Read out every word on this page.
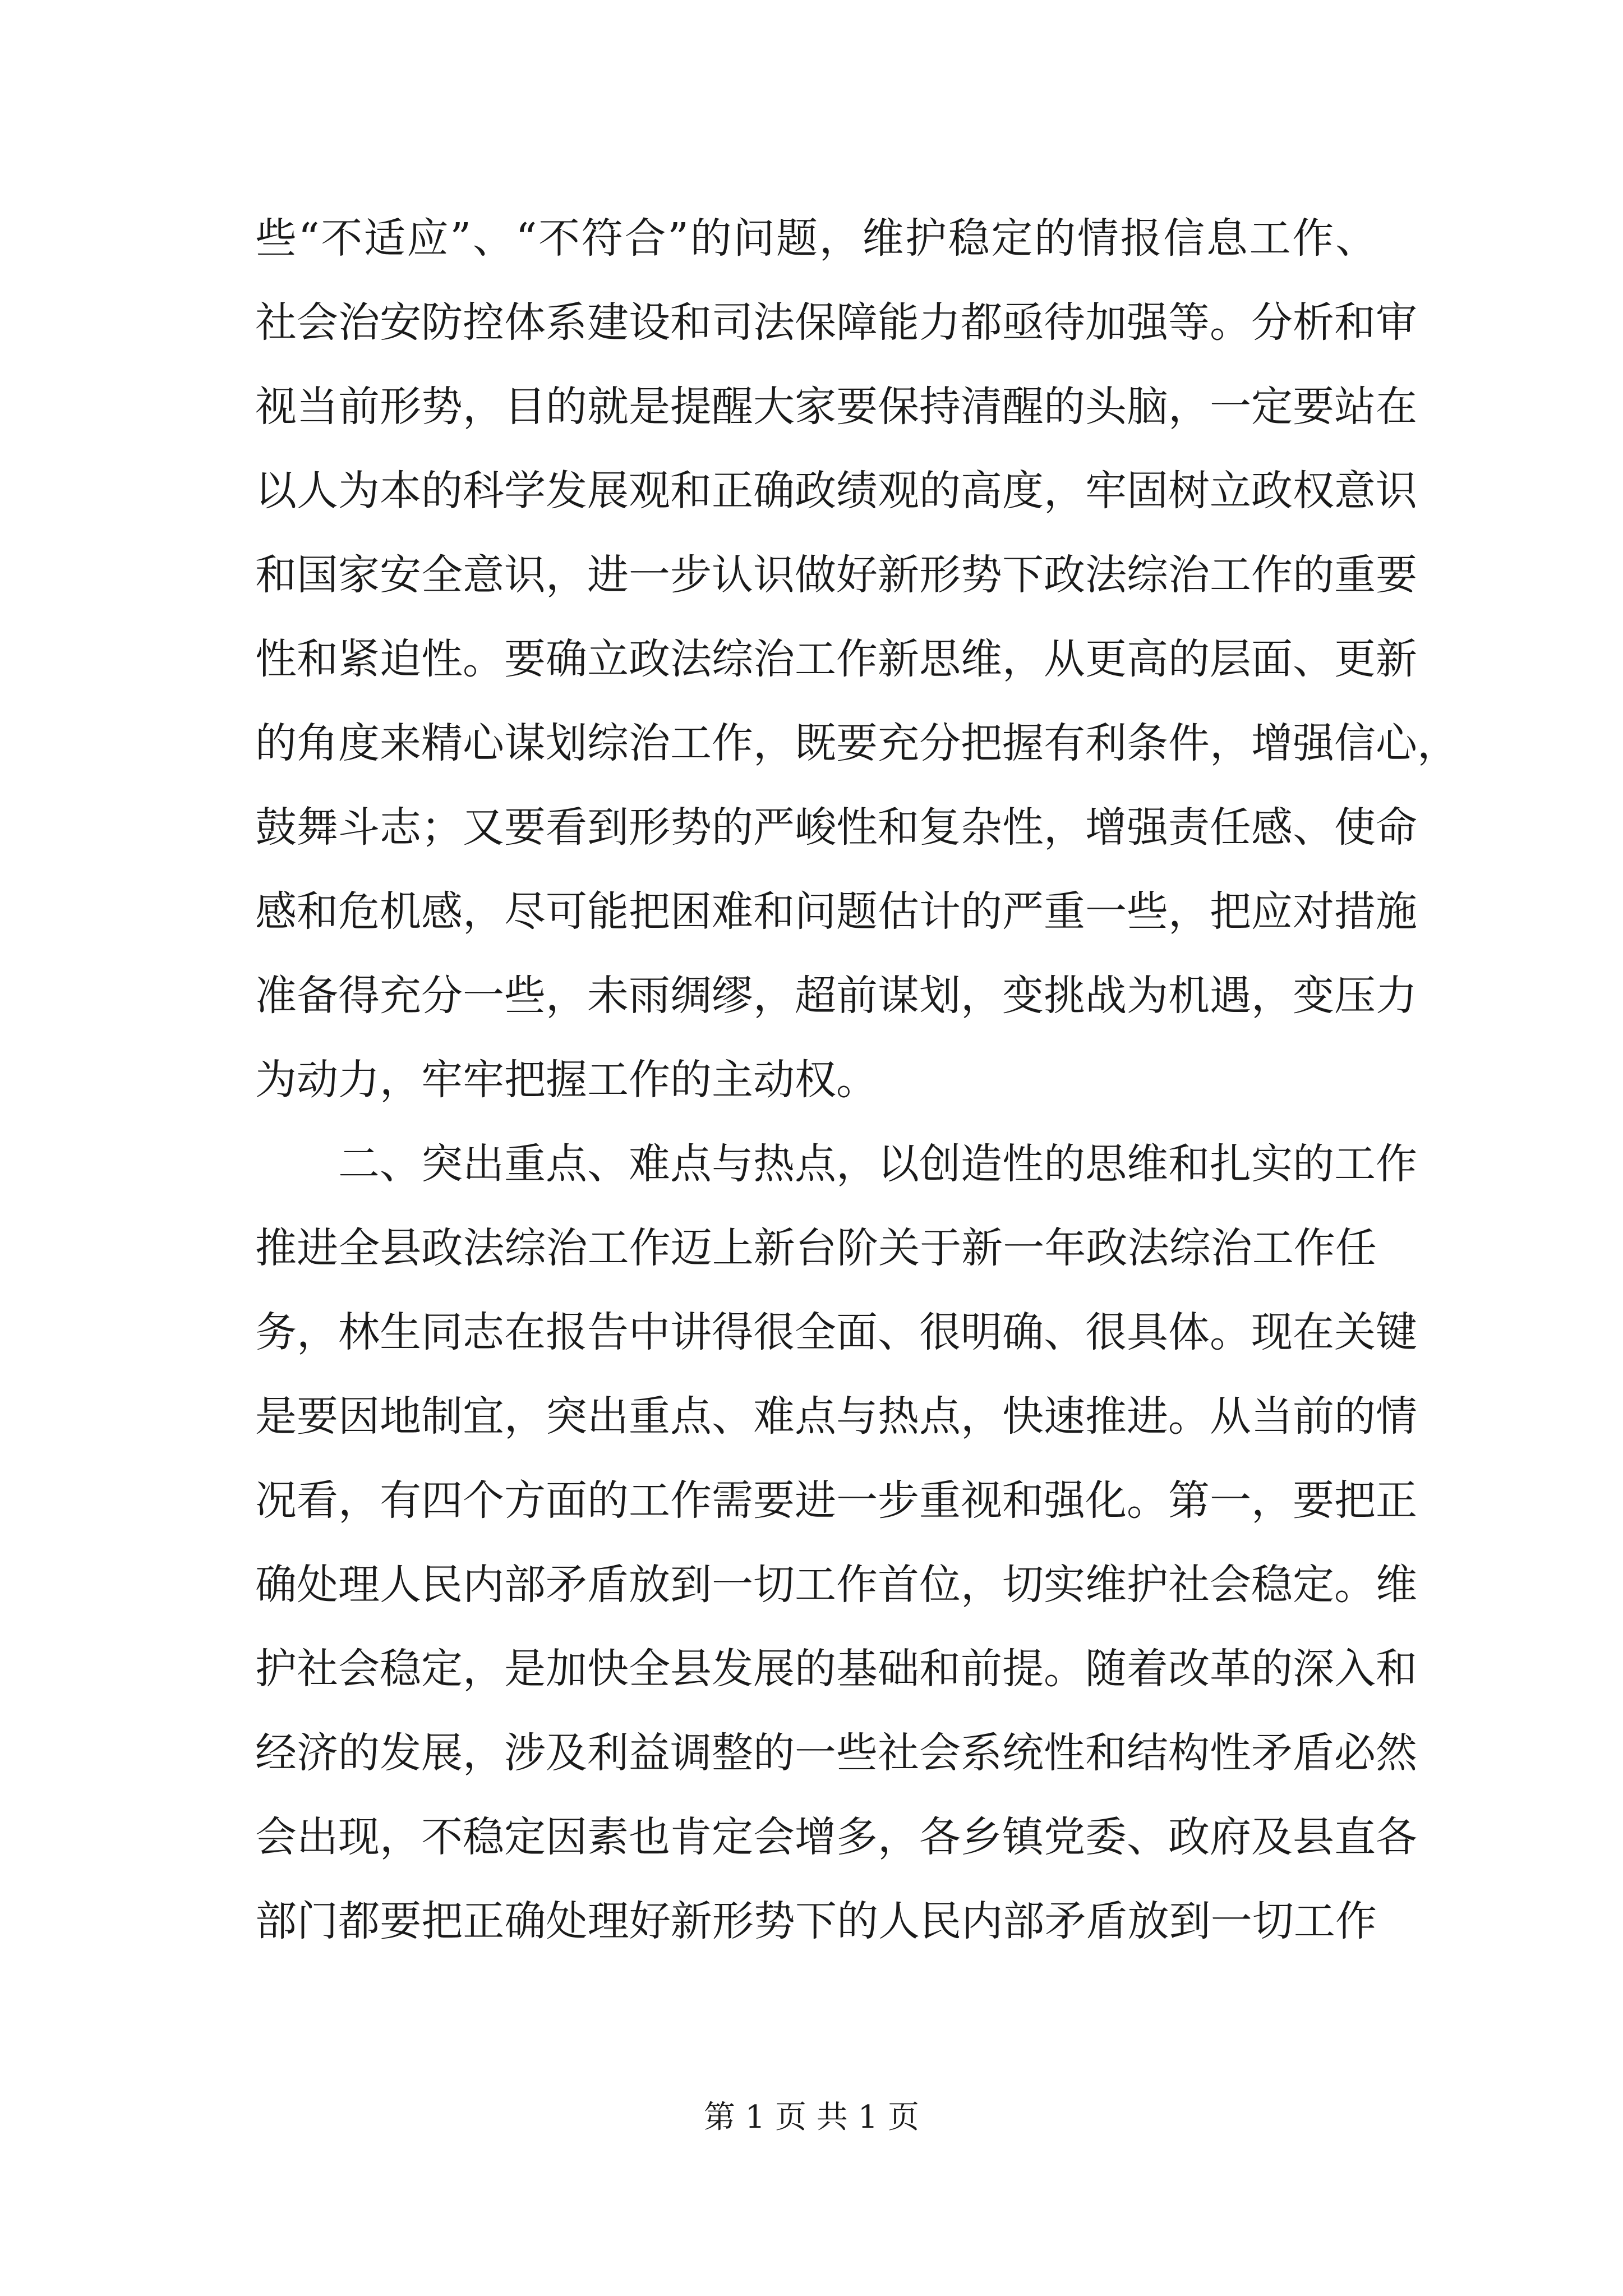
些“不适应”、“不符合”的问题，维护稳定的情报信息工作、
社会治安防控体系建设和司法保障能力都亟待加强等。分析和审
视当前形势，目的就是提醒大家要保持清醒的头脑，一定要站在
以人为本的科学发展观和正确政绩观的高度，牢固树立政权意识
和国家安全意识，进一步认识做好新形势下政法综治工作的重要
性和紧迫性。要确立政法综治工作新思维，从更高的层面、更新
的角度来精心谋划综治工作，既要充分把握有利条件，增强信心，
鼓舞斗志；又要看到形势的严峻性和复杂性，增强责任感、使命
感和危机感，尽可能把困难和问题估计的严重一些，把应对措施
准备得充分一些，未雨绸缪，超前谋划，变挑战为机遇，变压力
为动力，牢牢把握工作的主动权。
二、突出重点、难点与热点，以创造性的思维和扎实的工作
推进全县政法综治工作迈上新台阶关于新一年政法综治工作任
务，林生同志在报告中讲得很全面、很明确、很具体。现在关键
是要因地制宜，突出重点、难点与热点，快速推进。从当前的情
况看，有四个方面的工作需要进一步重视和强化。第一，要把正
确处理人民内部矛盾放到一切工作首位，切实维护社会稳定。维
护社会稳定，是加快全县发展的基础和前提。随着改革的深入和
经济的发展，涉及利益调整的一些社会系统性和结构性矛盾必然
会出现，不稳定因素也肯定会增多，各乡镇党委、政府及县直各
部门都要把正确处理好新形势下的人民内部矛盾放到一切工作
第 1 页 共 1 页
